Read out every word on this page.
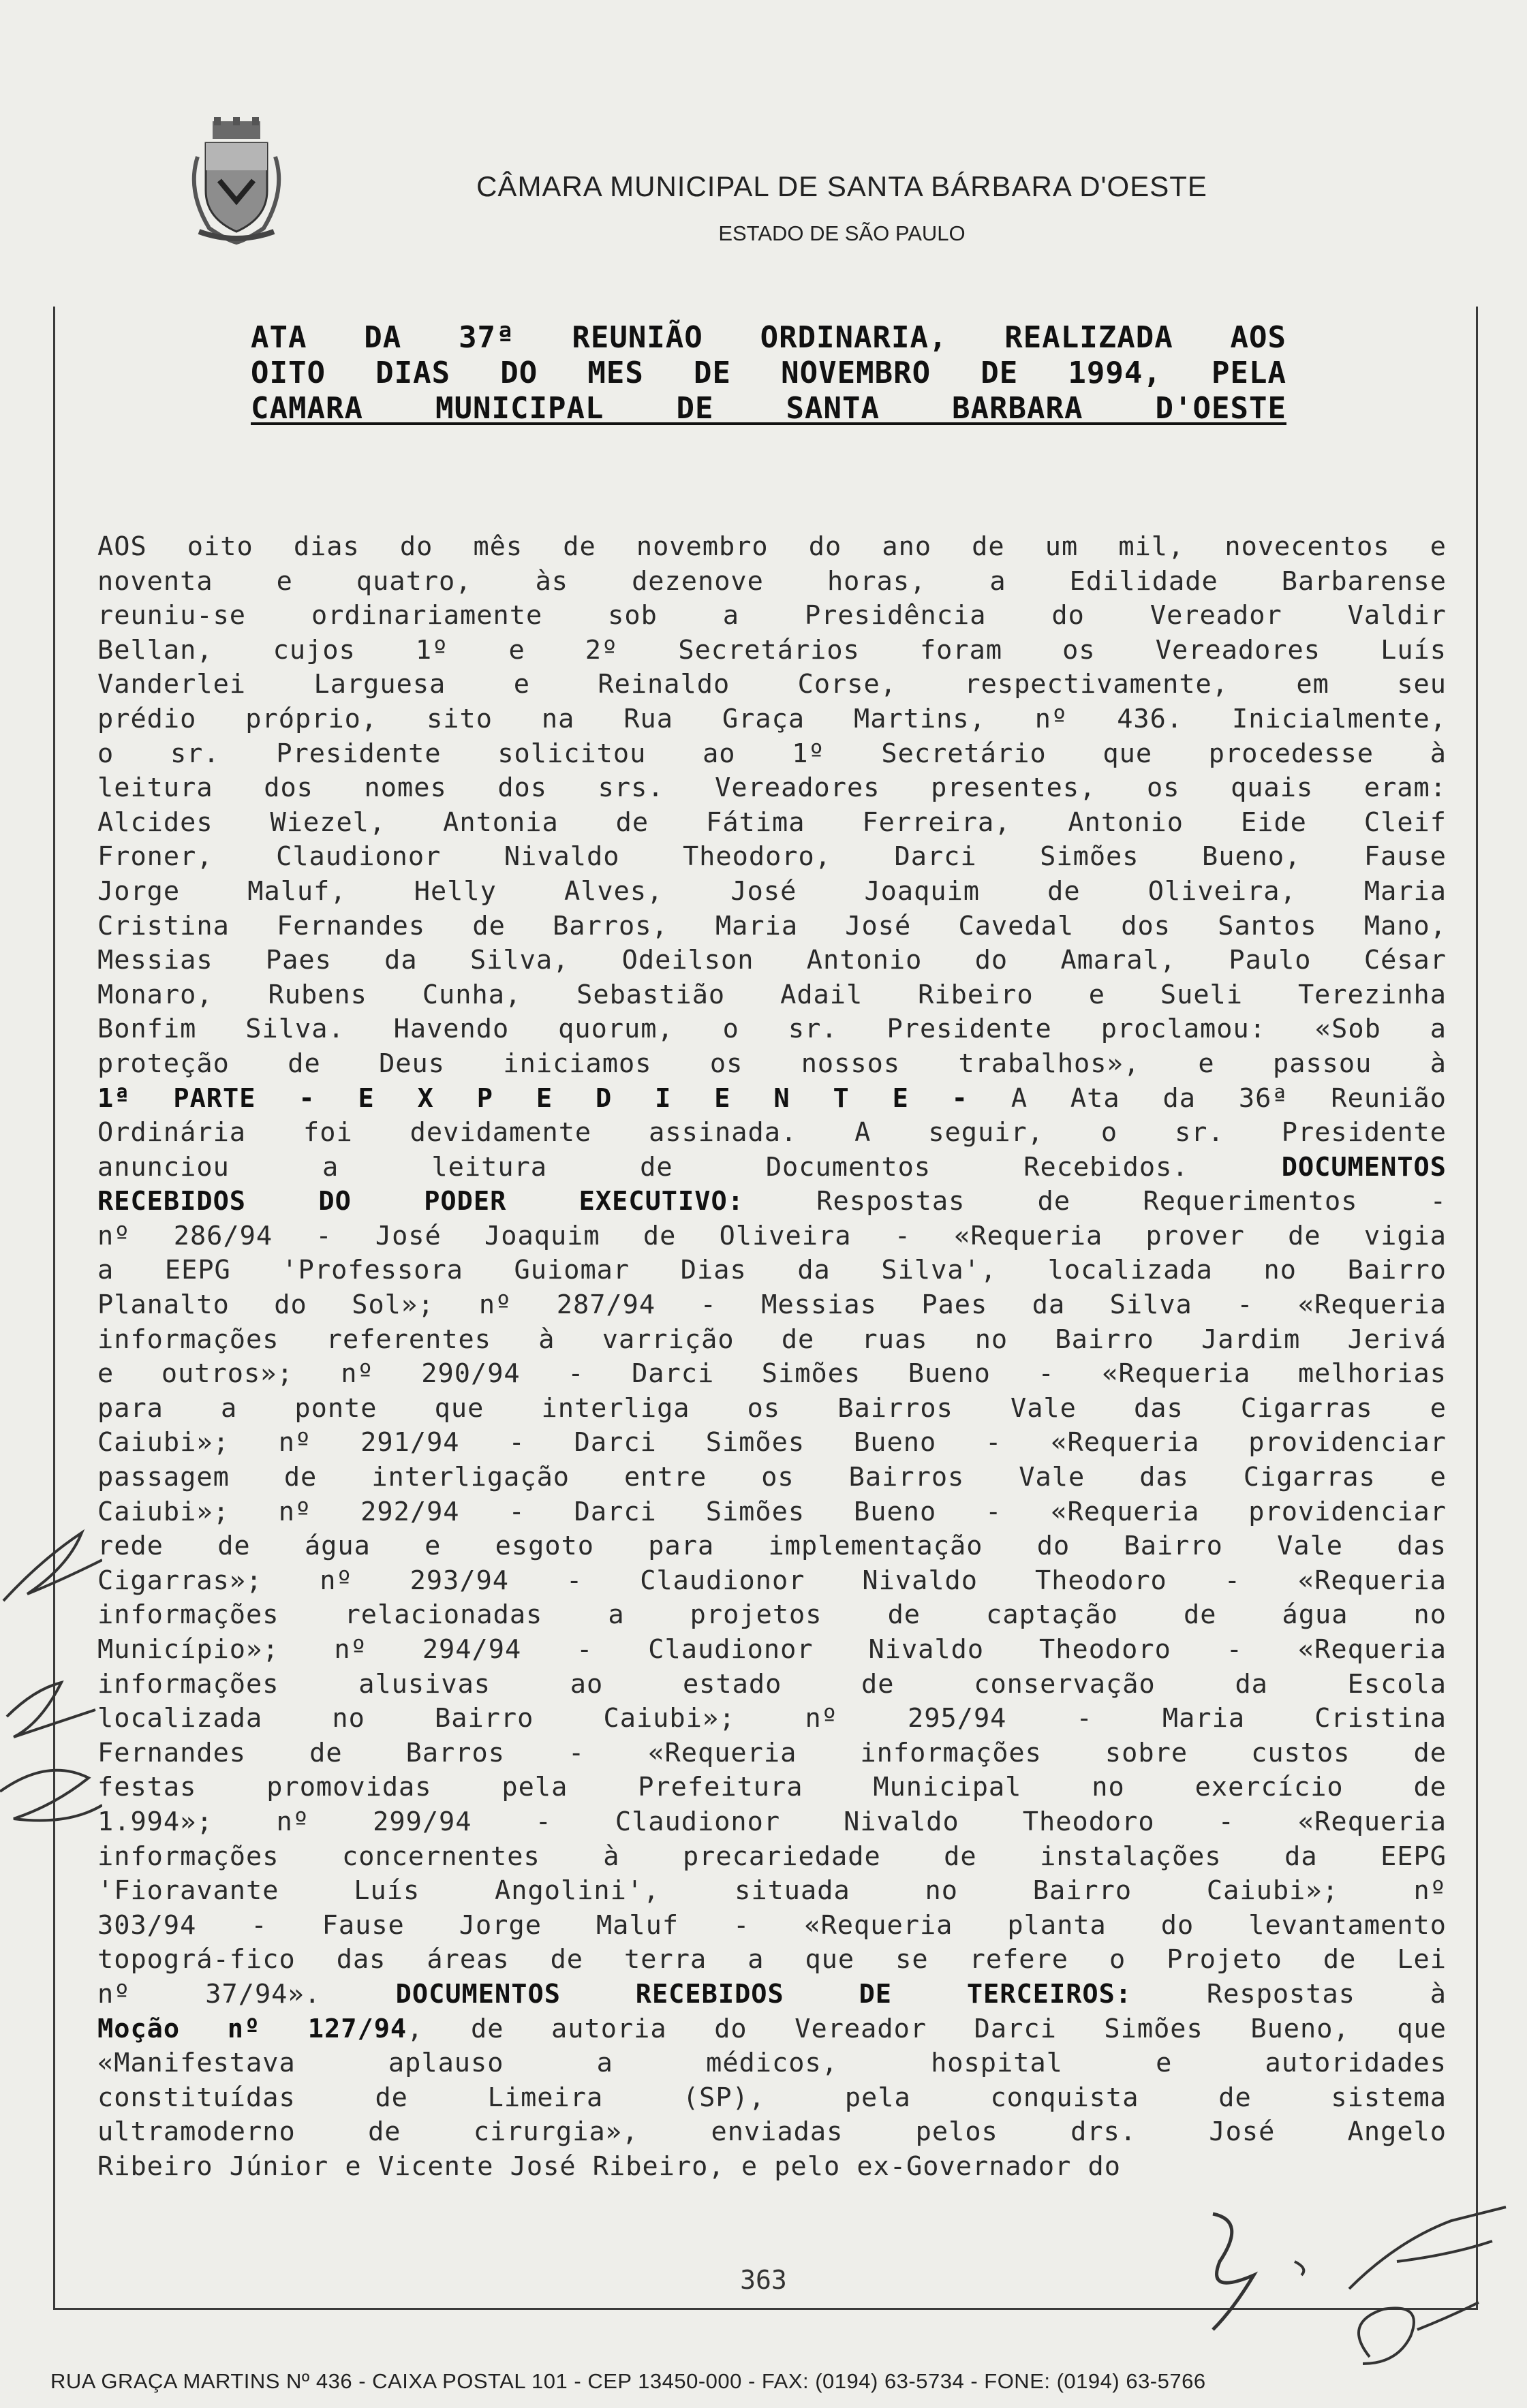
CÂMARA MUNICIPAL DE SANTA BÁRBARA D'OESTE
ESTADO DE SÃO PAULO
ATA DA 37ª REUNIÃO ORDINARIA, REALIZADA AOS
OITO DIAS DO MES DE NOVEMBRO DE 1994, PELA
CAMARA MUNICIPAL DE SANTA BARBARA D'OESTE
AOS oito dias do mês de novembro do ano de um mil, novecentos e
noventa e quatro, às dezenove horas, a Edilidade Barbarense
reuniu-se ordinariamente sob a Presidência do Vereador Valdir
Bellan, cujos 1º e 2º Secretários foram os Vereadores Luís
Vanderlei Larguesa e Reinaldo Corse, respectivamente, em seu
prédio próprio, sito na Rua Graça Martins, nº 436. Inicialmente,
o sr. Presidente solicitou ao 1º Secretário que procedesse à
leitura dos nomes dos srs. Vereadores presentes, os quais eram:
Alcides Wiezel, Antonia de Fátima Ferreira, Antonio Eide Cleif
Froner, Claudionor Nivaldo Theodoro, Darci Simões Bueno, Fause
Jorge Maluf, Helly Alves, José Joaquim de Oliveira, Maria
Cristina Fernandes de Barros, Maria José Cavedal dos Santos Mano,
Messias Paes da Silva, Odeilson Antonio do Amaral, Paulo César
Monaro, Rubens Cunha, Sebastião Adail Ribeiro e Sueli Terezinha
Bonfim Silva. Havendo quorum, o sr. Presidente proclamou: «Sob a
proteção de Deus iniciamos os nossos trabalhos», e passou à
1ª PARTE - E X P E D I E N T E - A Ata da 36ª Reunião
Ordinária foi devidamente assinada. A seguir, o sr. Presidente
anunciou a leitura de Documentos Recebidos. DOCUMENTOS
RECEBIDOS DO PODER EXECUTIVO: Respostas de Requerimentos -
nº 286/94 - José Joaquim de Oliveira - «Requeria prover de vigia
a EEPG 'Professora Guiomar Dias da Silva', localizada no Bairro
Planalto do Sol»; nº 287/94 - Messias Paes da Silva - «Requeria
informações referentes à varrição de ruas no Bairro Jardim Jerivá
e outros»; nº 290/94 - Darci Simões Bueno - «Requeria melhorias
para a ponte que interliga os Bairros Vale das Cigarras e
Caiubi»; nº 291/94 - Darci Simões Bueno - «Requeria providenciar
passagem de interligação entre os Bairros Vale das Cigarras e
Caiubi»; nº 292/94 - Darci Simões Bueno - «Requeria providenciar
rede de água e esgoto para implementação do Bairro Vale das
Cigarras»; nº 293/94 - Claudionor Nivaldo Theodoro - «Requeria
informações relacionadas a projetos de captação de água no
Município»; nº 294/94 - Claudionor Nivaldo Theodoro - «Requeria
informações alusivas ao estado de conservação da Escola
localizada no Bairro Caiubi»; nº 295/94 - Maria Cristina
Fernandes de Barros - «Requeria informações sobre custos de
festas promovidas pela Prefeitura Municipal no exercício de
1.994»; nº 299/94 - Claudionor Nivaldo Theodoro - «Requeria
informações concernentes à precariedade de instalações da EEPG
'Fioravante Luís Angolini', situada no Bairro Caiubi»; nº
303/94 - Fause Jorge Maluf - «Requeria planta do levantamento
topográ-fico das áreas de terra a que se refere o Projeto de Lei
nº 37/94». DOCUMENTOS RECEBIDOS DE TERCEIROS: Respostas à
Moção nº 127/94, de autoria do Vereador Darci Simões Bueno, que
«Manifestava aplauso a médicos, hospital e autoridades
constituídas de Limeira (SP), pela conquista de sistema
ultramoderno de cirurgia», enviadas pelos drs. José Angelo
Ribeiro Júnior e Vicente José Ribeiro, e pelo ex-Governador do
363
RUA GRAÇA MARTINS Nº 436 - CAIXA POSTAL 101 - CEP 13450-000 - FAX: (0194) 63-5734 - FONE: (0194) 63-5766
